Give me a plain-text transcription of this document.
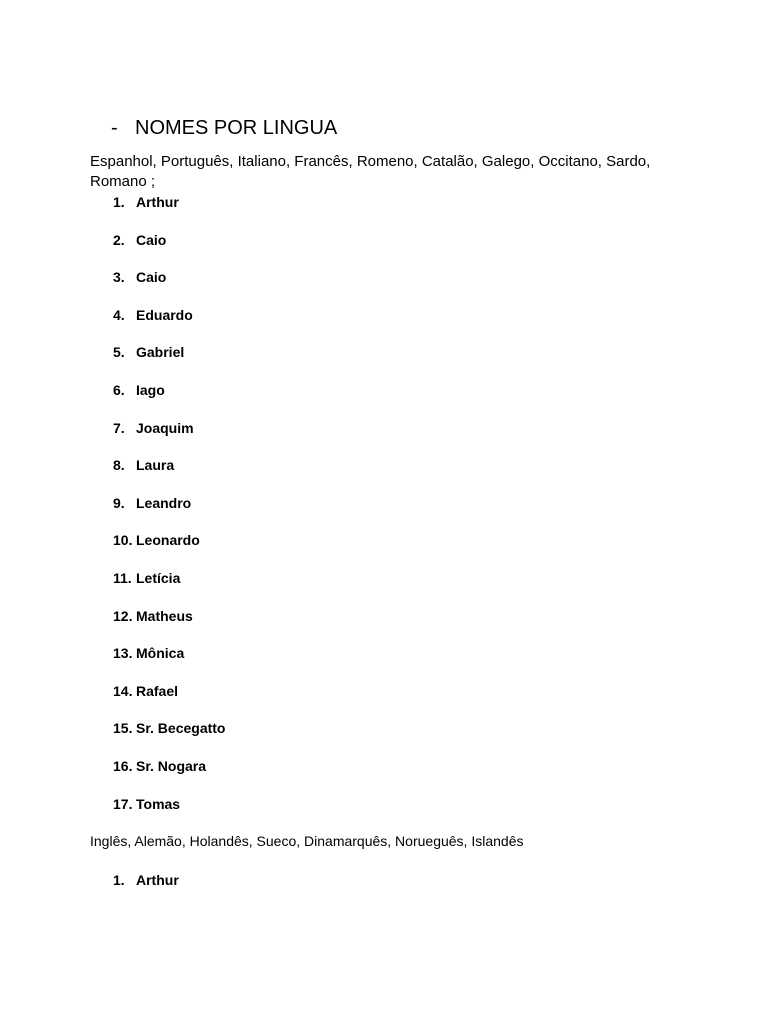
- NOMES POR LINGUA
Espanhol, Português, Italiano, Francês, Romeno, Catalão, Galego, Occitano, Sardo, Romano ;
1. Arthur
2. Caio
3. Caio
4. Eduardo
5. Gabriel
6. Iago
7. Joaquim
8. Laura
9. Leandro
10. Leonardo
11. Letícia
12. Matheus
13. Mônica
14. Rafael
15. Sr. Becegatto
16. Sr. Nogara
17. Tomas
Inglês, Alemão, Holandês, Sueco, Dinamarquês, Norueguês, Islandês
1. Arthur
